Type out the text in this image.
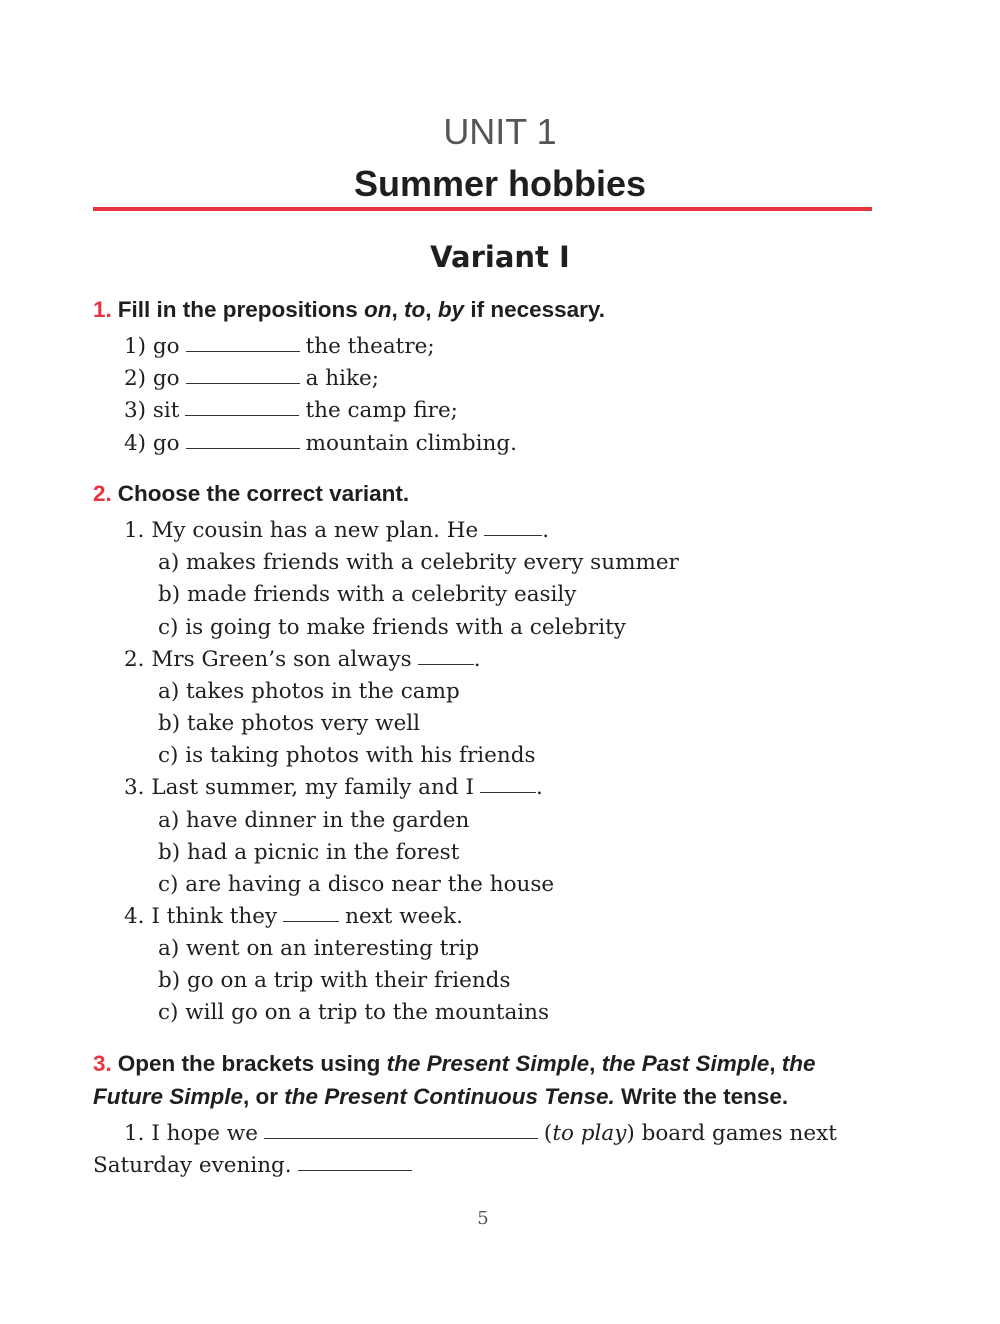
UNIT 1
Summer hobbies
Variant I
1. Fill in the prepositions on, to, by if necessary.
1) go	the theatre;
2) go	a hike;
3) sit	the camp fire;
4) go	mountain climbing.
2. Choose the correct variant.
1. My cousin has a new plan. He	.
a) makes friends with a celebrity every summer
b) made friends with a celebrity easily
c) is going to make friends with a celebrity
2. Mrs Green’s son always	.
a) takes photos in the camp
b) take photos very well
c) is taking photos with his friends
3. Last summer, my family and I	.
a) have dinner in the garden
b) had a picnic in the forest
c) are having a disco near the house
4. I think they	next week.
a) went on an interesting trip
b) go on a trip with their friends
c) will go on a trip to the mountains
3. Open the brackets using the Present Simple, the Past Simple, the Future Simple, or the Present Continuous Tense. Write the tense.
1. I hope we	(to play) board games next
Saturday evening.
5
